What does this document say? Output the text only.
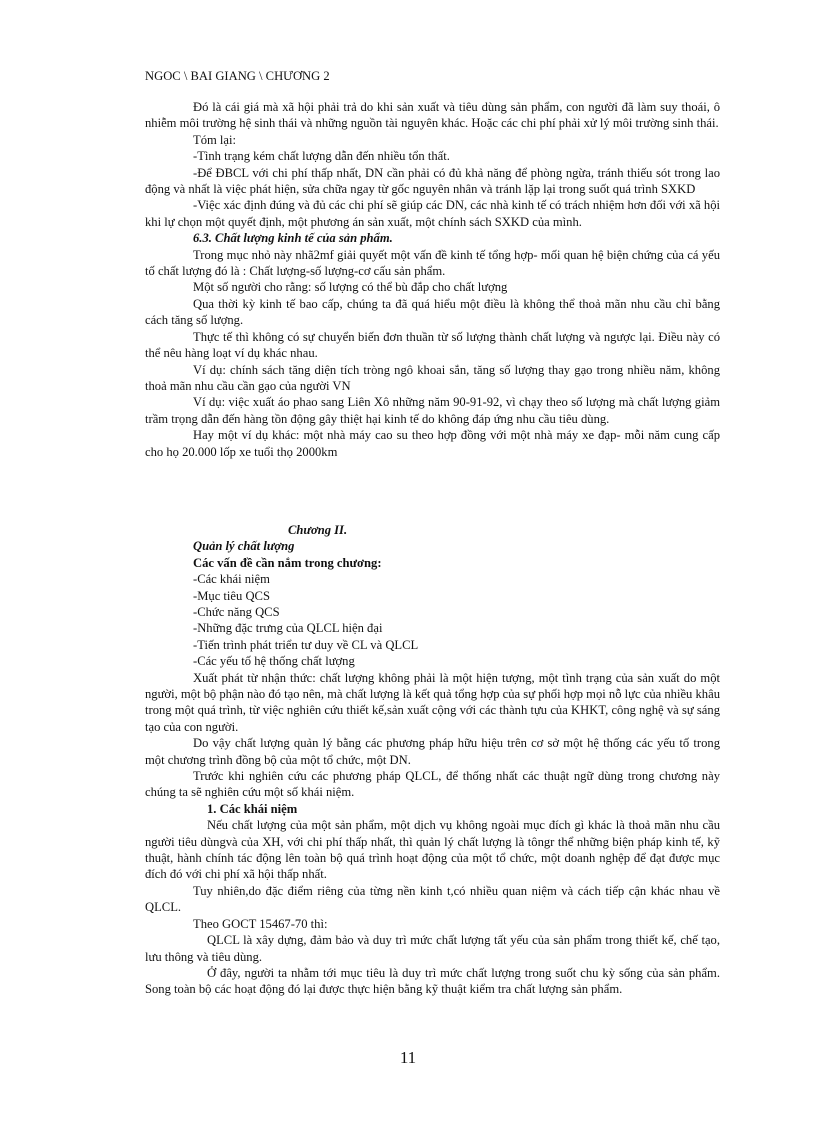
NGOC \ BAI GIANG \ CHƯƠNG 2

Đó là cái giá mà xã hội phải trả do khi sản xuất và tiêu dùng sản phẩm, con người đã làm suy thoái, ô nhiễm môi trường hệ sinh thái và những nguồn tài nguyên khác. Hoặc các chi phí phải xử lý môi trường sinh thái.

Tóm lại:

-Tình trạng kém chất lượng dẫn đến nhiều tổn thất.

-Để ĐBCL với chi phí thấp nhất, DN cần phải có đủ khả năng để phòng ngừa, tránh thiếu sót trong lao động và nhất là việc phát hiện, sửa chữa ngay từ gốc nguyên nhân và tránh lặp lại trong suốt quá trình SXKD

-Việc xác định đúng và đủ các chi phí sẽ giúp các DN, các nhà kinh tế có trách nhiệm hơn đối với xã hội khi lự chọn một quyết định, một phương án sản xuất, một chính sách SXKD của mình.

6.3. Chất lượng kinh tế của sản phẩm.

Trong mục nhỏ này nhã2mf giải quyết một vấn đề kinh tế tổng hợp- mối quan hệ biện chứng của cá yếu tố chất lượng đó là : Chất lượng-số lượng-cơ cấu sản phẩm.

Một số người cho rằng: số lượng có thể bù đắp cho chất lượng

Qua thời kỳ kinh tế bao cấp, chúng ta đã quá hiểu một điều là không thể thoả mãn nhu cầu chỉ bằng cách tăng số lượng.

Thực tế thì không có sự chuyển biến đơn thuần từ số lượng thành chất lượng và ngược lại. Điều này có thể nêu hàng loạt ví dụ khác nhau.

Ví dụ: chính sách tăng diện tích tròng ngô khoai sắn, tăng số lượng thay gạo trong nhiều năm, không thoả mãn nhu cầu cần gạo của người VN

Ví dụ: việc xuất áo phao sang Liên Xô những năm 90-91-92, vì chạy theo số lượng mà chất lượng giảm trầm trọng dẫn đến hàng tồn động gây thiệt hại kinh tế do không đáp ứng nhu cầu tiêu dùng.

Hay một ví dụ khác: một nhà máy cao su theo hợp đồng với một nhà máy xe đạp- mỗi năm cung cấp cho họ 20.000 lốp xe tuổi thọ 2000km

Chương II.

Quản lý chất lượng

Các vấn đề cần nắm trong chương:

-Các khái niệm

-Mục tiêu QCS

-Chức năng QCS

-Những đặc trưng của QLCL hiện đại

-Tiến trình phát triển tư duy về CL và QLCL

-Các yếu tố hệ thống chất lượng

Xuất phát từ nhận thức: chất lượng không phải là một hiện tượng, một tình trạng của sản xuất do một người, một bộ phận nào đó tạo nên, mà chất lượng là kết quả tổng hợp của sự phối hợp mọi nỗ lực của nhiều khâu trong một quá trình, từ việc nghiên cứu thiết kế,sản xuất cộng với các thành tựu của KHKT, công nghệ và sự sáng tạo của con người.

Do vậy chất lượng quản lý bằng các phương pháp hữu hiệu trên cơ sở một hệ thống các yếu tố trong một chương trình đồng bộ của một tổ chức, một DN.

Trước khi nghiên cứu các phương pháp QLCL, để thống nhất các thuật ngữ dùng trong chương này chúng ta sẽ nghiên cứu một số khái niệm.

1. Các khái niệm

Nếu chất lượng của một sản phẩm, một dịch vụ không ngoài mục đích gì khác là thoả mãn nhu cầu người tiêu dùngvà của XH, với chi phí thấp nhất, thì quản lý chất lượng là tôngr thể những biện pháp kinh tế, kỹ thuật, hành chính tác động lên toàn bộ quá trình hoạt động của một tổ chức, một doanh nghệp để đạt được mục đích đó với chi phí xã hội thấp nhất.

Tuy nhiên,do đặc điểm riêng của từng nền kinh t,có nhiều quan niệm và cách tiếp cận khác nhau về QLCL.

Theo GOCT 15467-70 thì:

QLCL là xây dựng, đảm bảo và duy trì mức chất lượng tất yếu của sản phẩm trong thiết kế, chế tạo, lưu thông và tiêu dùng.

Ở đây, người ta nhằm tới mục tiêu là duy trì mức chất lượng trong suốt chu kỳ sống của sản phẩm. Song toàn bộ các hoạt động đó lại được thực hiện bằng kỹ thuật kiểm tra chất lượng sản phẩm.

11
